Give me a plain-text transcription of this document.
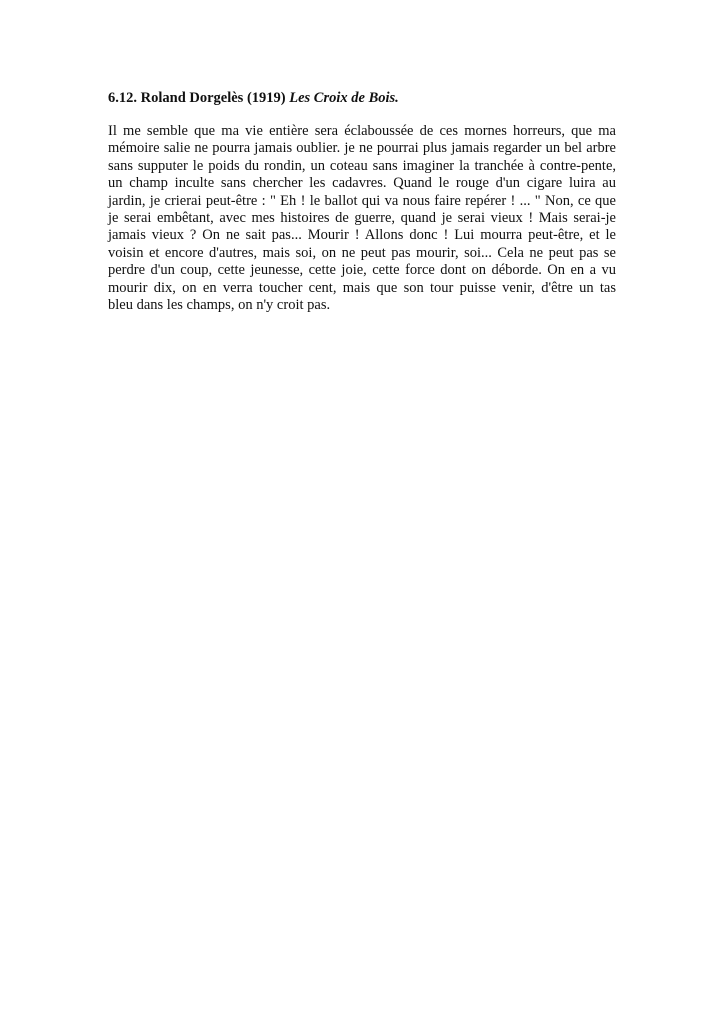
6.12. Roland Dorgelès (1919) Les Croix de Bois.

Il me semble que ma vie entière sera éclaboussée de ces mornes horreurs, que ma
mémoire salie ne pourra jamais oublier. je ne pourrai plus jamais regarder un bel arbre
sans supputer le poids du rondin, un coteau sans imaginer la tranchée à contre-pente,
un champ inculte sans chercher les cadavres. Quand le rouge d'un cigare luira au
jardin, je crierai peut-être : " Eh ! le ballot qui va nous faire repérer ! ... " Non, ce que
je serai embêtant, avec mes histoires de guerre, quand je serai vieux ! Mais serai-je
jamais vieux ? On ne sait pas... Mourir ! Allons donc ! Lui mourra peut-être, et le
voisin et encore d'autres, mais soi, on ne peut pas mourir, soi... Cela ne peut pas se
perdre d'un coup, cette jeunesse, cette joie, cette force dont on déborde. On en a vu
mourir dix, on en verra toucher cent, mais que son tour puisse venir, d'être un tas
bleu dans les champs, on n'y croit pas.
